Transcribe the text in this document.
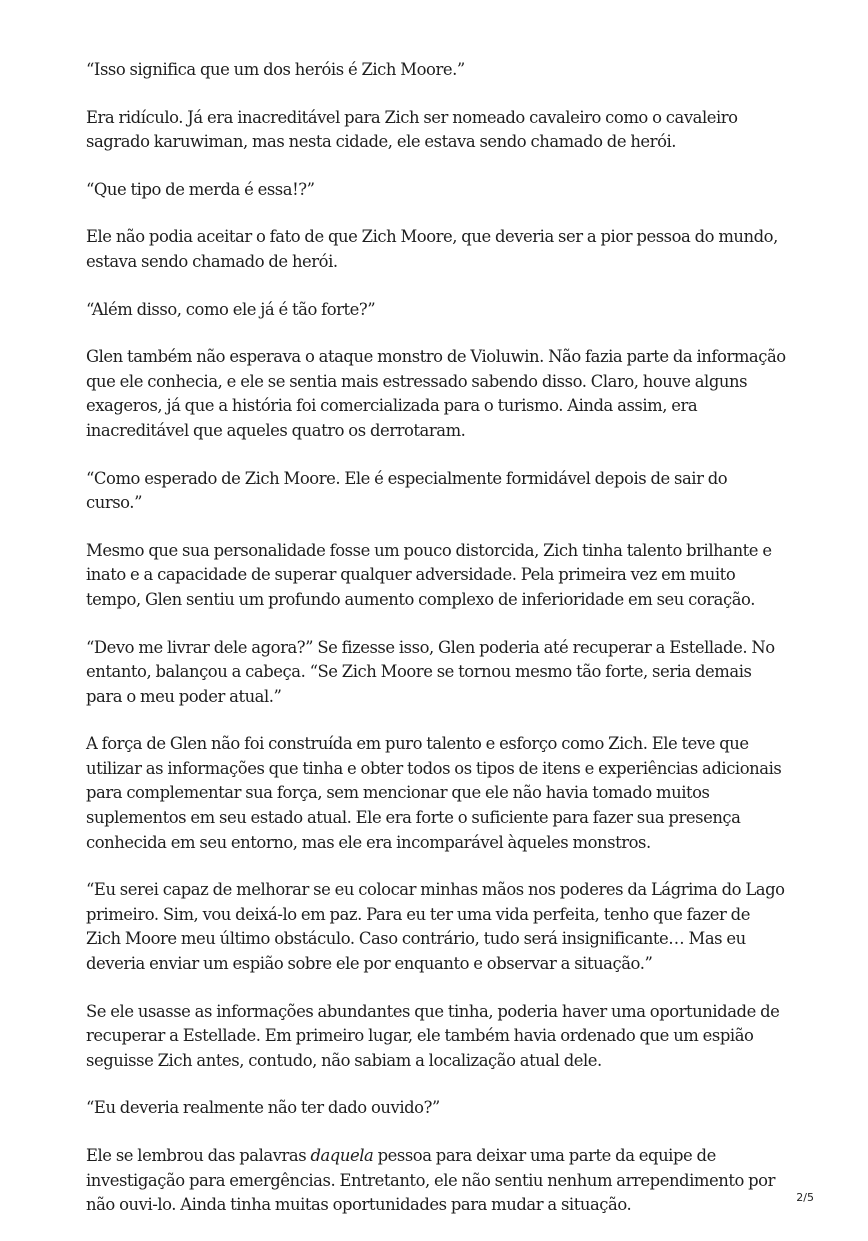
“Isso significa que um dos heróis é Zich Moore.”

Era ridículo. Já era inacreditável para Zich ser nomeado cavaleiro como o cavaleiro sagrado karuwiman, mas nesta cidade, ele estava sendo chamado de herói.

“Que tipo de merda é essa!?”

Ele não podia aceitar o fato de que Zich Moore, que deveria ser a pior pessoa do mundo, estava sendo chamado de herói.

“Além disso, como ele já é tão forte?”

Glen também não esperava o ataque monstro de Violuwin. Não fazia parte da informação que ele conhecia, e ele se sentia mais estressado sabendo disso. Claro, houve alguns exageros, já que a história foi comercializada para o turismo. Ainda assim, era inacreditável que aqueles quatro os derrotaram.

“Como esperado de Zich Moore. Ele é especialmente formidável depois de sair do curso.”

Mesmo que sua personalidade fosse um pouco distorcida, Zich tinha talento brilhante e inato e a capacidade de superar qualquer adversidade. Pela primeira vez em muito tempo, Glen sentiu um profundo aumento complexo de inferioridade em seu coração.

“Devo me livrar dele agora?” Se fizesse isso, Glen poderia até recuperar a Estellade. No entanto, balançou a cabeça. “Se Zich Moore se tornou mesmo tão forte, seria demais para o meu poder atual.”

A força de Glen não foi construída em puro talento e esforço como Zich. Ele teve que utilizar as informações que tinha e obter todos os tipos de itens e experiências adicionais para complementar sua força, sem mencionar que ele não havia tomado muitos suplementos em seu estado atual. Ele era forte o suficiente para fazer sua presença conhecida em seu entorno, mas ele era incomparável àqueles monstros.

“Eu serei capaz de melhorar se eu colocar minhas mãos nos poderes da Lágrima do Lago primeiro. Sim, vou deixá-lo em paz. Para eu ter uma vida perfeita, tenho que fazer de Zich Moore meu último obstáculo. Caso contrário, tudo será insignificante… Mas eu deveria enviar um espião sobre ele por enquanto e observar a situação.”

Se ele usasse as informações abundantes que tinha, poderia haver uma oportunidade de recuperar a Estellade. Em primeiro lugar, ele também havia ordenado que um espião seguisse Zich antes, contudo, não sabiam a localização atual dele.

“Eu deveria realmente não ter dado ouvido?”

Ele se lembrou das palavras daquela pessoa para deixar uma parte da equipe de investigação para emergências. Entretanto, ele não sentiu nenhum arrependimento por não ouvi-lo. Ainda tinha muitas oportunidades para mudar a situação.	2/5
